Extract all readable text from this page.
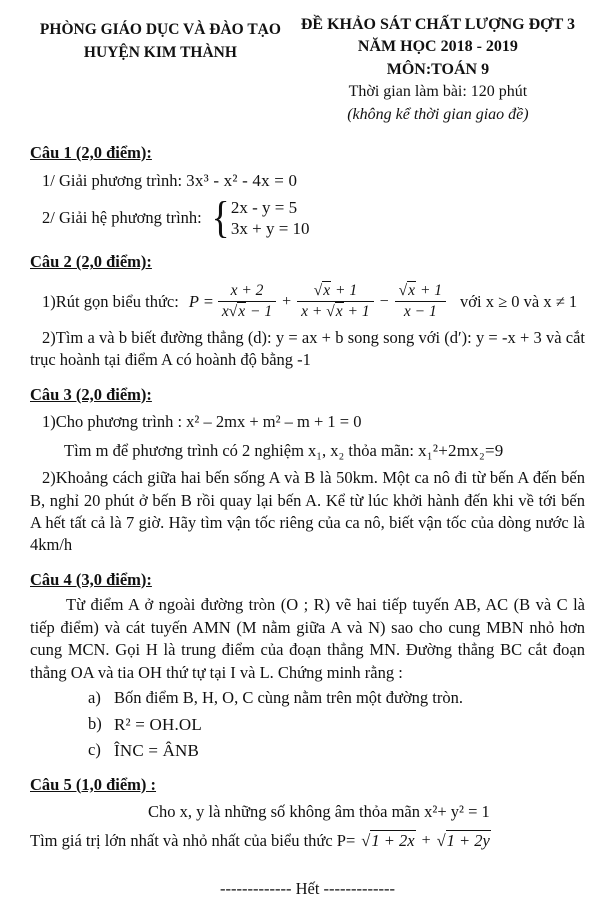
PHÒNG GIÁO DỤC VÀ ĐÀO TẠO
HUYỆN KIM THÀNH
ĐỀ KHẢO SÁT CHẤT LƯỢNG ĐỢT 3
NĂM HỌC 2018 - 2019
MÔN:TOÁN 9
Thời gian làm bài: 120 phút
(không kể thời gian giao đề)
Câu 1 (2,0 điểm):
1/ Giải phương trình: 3x³ - x² - 4x = 0
2/ Giải hệ phương trình: { 2x - y = 5
3x + y = 10
Câu 2 (2,0 điểm):
1)Rút gọn biểu thức: $P = \frac{x + 2}{x√x - 1} + \frac{√x + 1}{x + √x + 1} - \frac{√x + 1}{x - 1}$ với x ≥ 0 và x ≠ 1
2)Tìm a và b biết đường thẳng (d): y = ax + b song song với (d′): y = -x + 3 và cắt trục hoành tại điểm A có hoành độ bằng -1
Câu 3 (2,0 điểm):
1)Cho phương trình : x² – 2mx + m² – m + 1 = 0
Tìm m để phương trình có 2 nghiệm x₁, x₂ thỏa mãn: x₁²+2mx₂=9
2)Khoảng cách giữa hai bến sống A và B là 50km. Một ca nô đi từ bến A đến bến B, nghỉ 20 phút ở bến B rồi quay lại bến A. Kể từ lúc khởi hành đến khi về tới bến A hết tất cả là 7 giờ. Hãy tìm vận tốc riêng của ca nô, biết vận tốc của dòng nước là 4km/h
Câu 4 (3,0 điểm):
Từ điểm A ở ngoài đường tròn (O ; R) vẽ hai tiếp tuyến AB, AC (B và C là tiếp điểm) và cát tuyến AMN (M nằm giữa A và N) sao cho cung MBN nhỏ hơn cung MCN. Gọi H là trung điểm của đoạn thẳng MN. Đường thẳng BC cắt đoạn thẳng OA và tia OH thứ tự tại I và L. Chứng minh rằng :
a) Bốn điểm B, H, O, C cùng nằm trên một đường tròn.
b) R² = OH.OL
c) ÎNC = ÂNB
Câu 5 (1,0 điểm) :
Cho x, y là những số không âm thỏa mãn x²+ y² = 1
Tìm giá trị lớn nhất và nhỏ nhất của biểu thức P= √1 + 2x + √1 + 2y
------------- Hết -------------
